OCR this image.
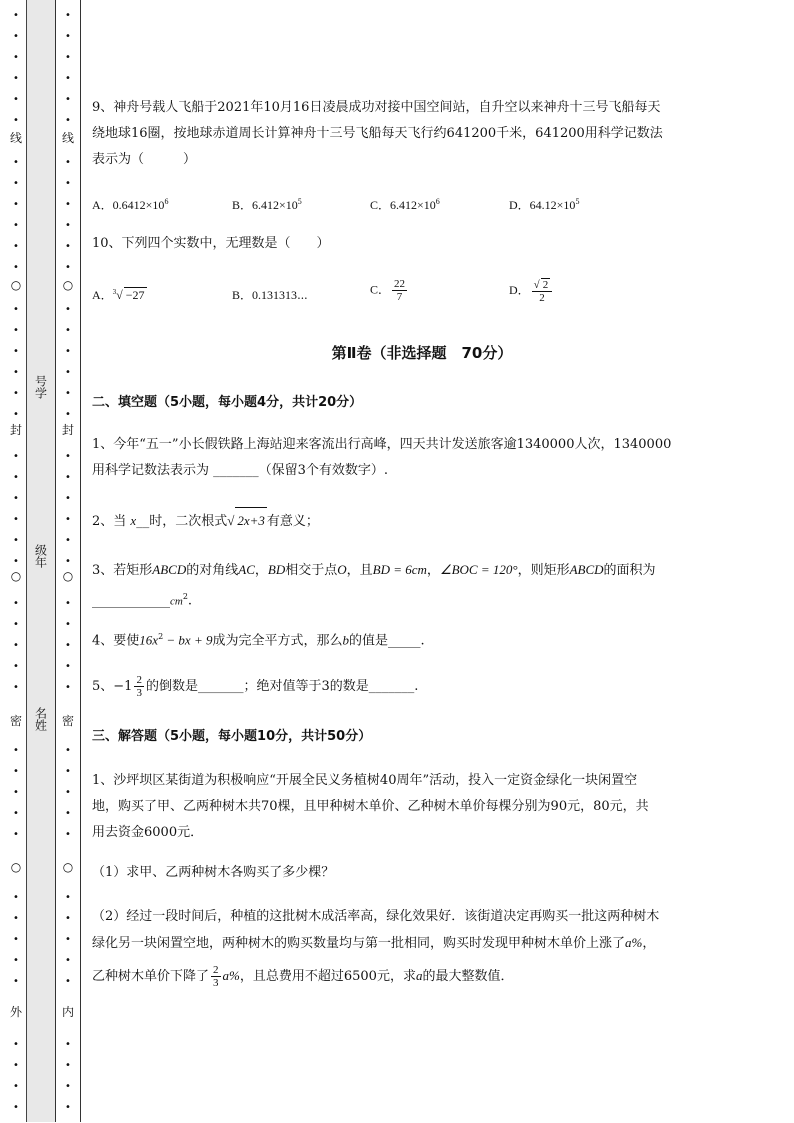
•
•
•
•
•
•
•
•
•
•
•
•
•
•
•
•
•
•
•
•
•
•
•
•
•
•
•
•
•
•
•
•
•
•
•
•
•
•
•
•
•
•
•
线
○
封
○
密
○
外
•
•
•
•
•
•
•
•
•
•
•
•
•
•
•
•
•
•
•
•
•
•
•
•
•
•
•
•
•
•
•
•
•
•
•
•
•
•
•
•
•
•
•
线
○
封
○
密
○
内
号学
级年
名姓
9、神舟号载人飞船于2021年10月16日凌晨成功对接中国空间站，自升空以来神舟十三号飞船每天
绕地球16圈，按地球赤道周长计算神舟十三号飞船每天飞行约641200千米，641200用科学记数法
表示为（　　　）
A．$0.6412\times 10^6$	B．$6.412\times 10^5$	C．$6.412\times 10^6$	D．$64.12\times 10^5$
10、下列四个实数中，无理数是（　　）
A．$^3$√ −27	B．0.131313⋯	C． $\frac{22}{7}$	D． $\frac{√ 2}{2}$
第Ⅱ卷（非选择题　70分）
二、填空题（5小题，每小题4分，共计20分）
1、今年“五一”小长假铁路上海站迎来客流出行高峰，四天共计发送旅客逾1340000人次，1340000
用科学记数法表示为 _______（保留3个有效数字）.
2、当 x__时，二次根式√ 2x+3 有意义；
3、若矩形ABCD的对角线AC，BD相交于点O，且BD = 6cm，∠BOC = 120°，则矩形ABCD的面积为
$\_\_\_\_\_\_\_\_\_\_\_\_cm^2$.
4、要使$16x^2$ − bx + 9成为完全平方式，那么b的值是_____.
5、$-1 \frac{2}{3}$ 的倒数是_______；绝对值等于3的数是_______.
三、解答题（5小题，每小题10分，共计50分）
1、沙坪坝区某街道为积极响应“开展全民义务植树40周年”活动，投入一定资金绿化一块闲置空
地，购买了甲、乙两种树木共70棵，且甲种树木单价、乙种树木单价每棵分别为90元，80元，共
用去资金6000元．
（1）求甲、乙两种树木各购买了多少棵？
（2）经过一段时间后，种植的这批树木成活率高，绿化效果好．该街道决定再购买一批这两种树木
绿化另一块闲置空地，两种树木的购买数量均与第一批相同，购买时发现甲种树木单价上涨了a%，
乙种树木单价下降了 $\frac{2}{3} a\%$，且总费用不超过6500元，求a的最大整数值．
